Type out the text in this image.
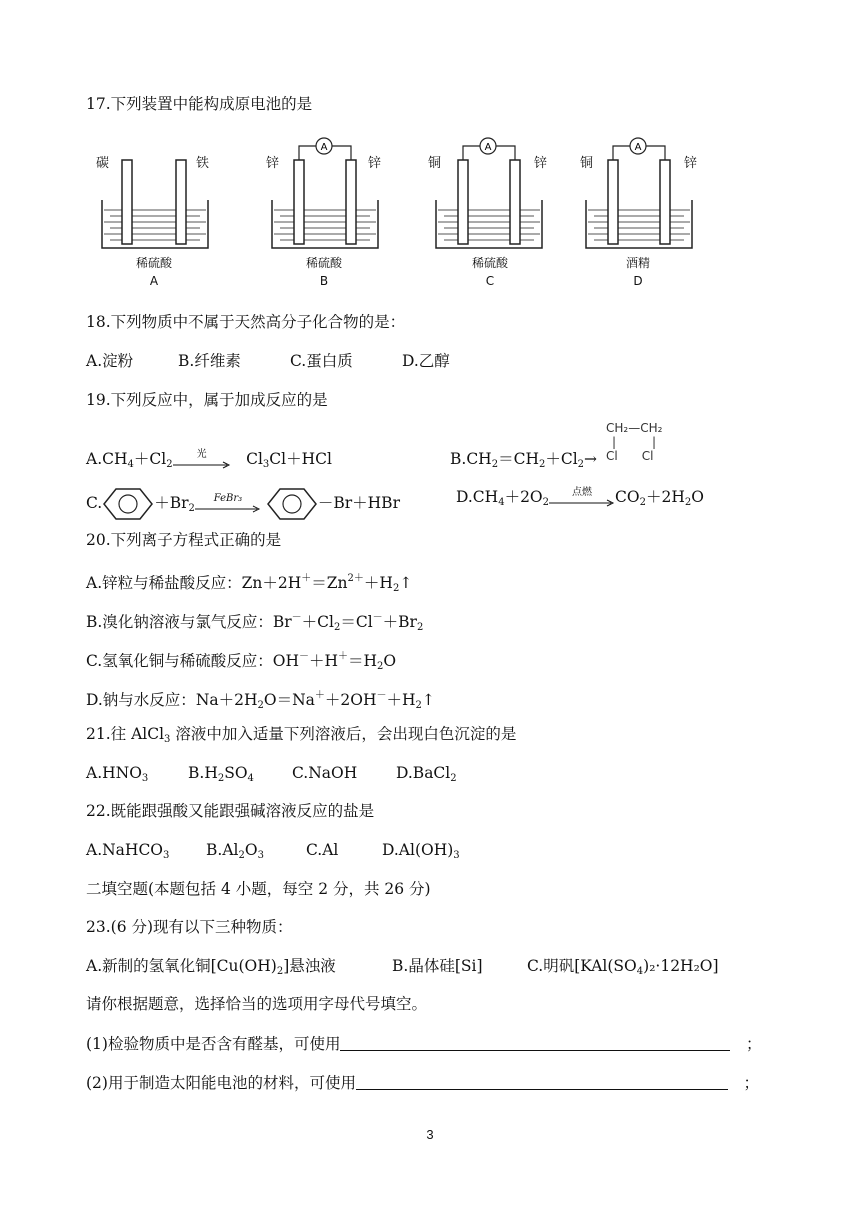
17.下列装置中能构成原电池的是
碳	铁
稀硫酸
A
A
锌	锌
稀硫酸
B
A
铜	锌
稀硫酸
C
A
铜	锌
酒精
D
18.下列物质中不属于天然高分子化合物的是：
A.淀粉	B.纤维素	C.蛋白质	D.乙醇
19.下列反应中，属于加成反应的是
$A.CH_4+Cl_2$
光	　$Cl_3Cl+HCl$	$B.CH_2=CH_2+Cl_2\to$
CH₂—CH₂
|　　　|
Cl　　Cl
C.	$+Br_2$
FeBr₃	－Br＋HBr	$D.CH_4+2O_2$
点燃	$CO_2+2H_2O$
20.下列离子方程式正确的是
A.锌粒与稀盐酸反应：$Zn+2H^+=Zn^{2+}+H_2↑$
B.溴化钠溶液与氯气反应：$Br^-+Cl_2=Cl^-+Br_2$
C.氢氧化铜与稀硫酸反应：$OH^-+H^+=H_2O$
D.钠与水反应：$Na+2H_2O=Na^++2OH^-+H_2↑$
21.往 AlCl$_3$ 溶液中加入适量下列溶液后，会出现白色沉淀的是
$A.HNO_3$	$B.H_2SO_4$ C.NaOH D.BaCl$_2$
22.既能跟强酸又能跟强碱溶液反应的盐是
A.NaHCO$_3$ $B.Al_2O_3$	C.Al	$D.Al(OH)_3$
二填空题(本题包括 4 小题，每空 2 分，共 26 分)
23.(6 分)现有以下三种物质：
A.新制的氢氧化铜$[Cu(OH)_2]$悬浊液	B.晶体硅[Si]	C.明矾$[KAl(SO_4)_2\cdot 12H_2O]$
请你根据题意，选择恰当的选项用字母代号填空。
(1)检验物质中是否含有醛基，可使用　	；
(2)用于制造太阳能电池的材料，可使用　	；
3
